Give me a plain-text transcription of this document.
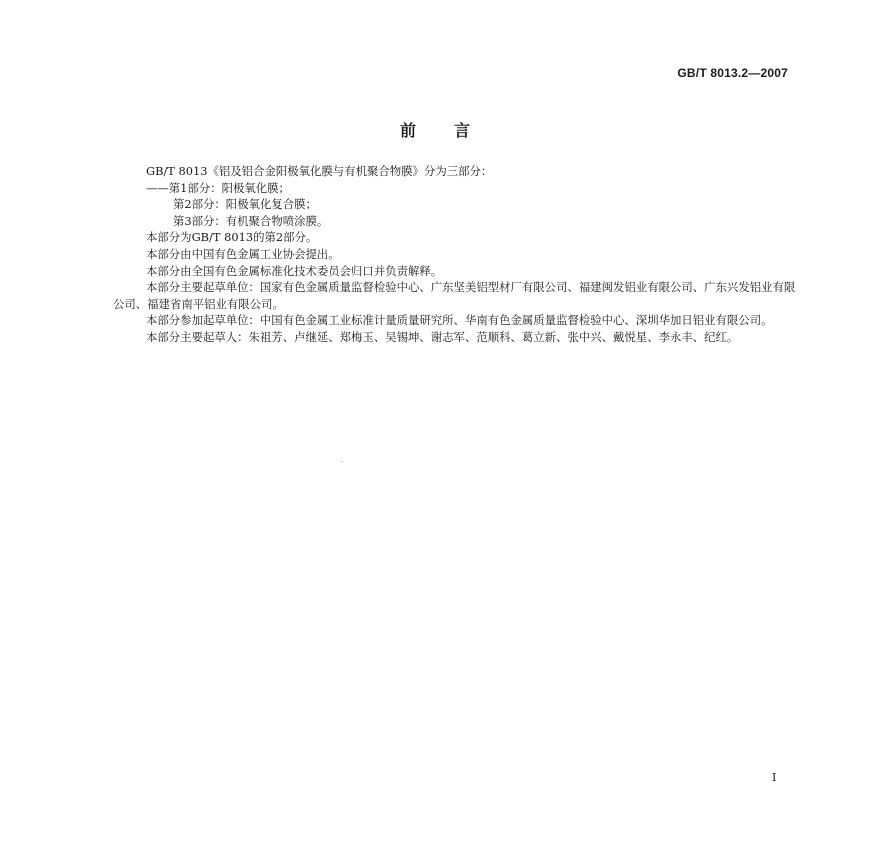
GB/T 8013.2—2007
前言

GB/T 8013《铝及铝合金阳极氧化膜与有机聚合物膜》分为三部分：

——第1部分：阳极氧化膜；

第2部分：阳极氧化复合膜；

第3部分：有机聚合物喷涂膜。

本部分为GB/T 8013的第2部分。

本部分由中国有色金属工业协会提出。

本部分由全国有色金属标准化技术委员会归口并负责解释。

本部分主要起草单位：国家有色金属质量监督检验中心、广东坚美铝型材厂有限公司、福建闽发铝业有限公司、广东兴发铝业有限公司、福建省南平铝业有限公司。

本部分参加起草单位：中国有色金属工业标准计量质量研究所、华南有色金属质量监督检验中心、深圳华加日铝业有限公司。

本部分主要起草人：朱祖芳、卢继延、郑梅玉、吴锡坤、谢志军、范顺科、葛立新、张中兴、戴悦星、李永丰、纪红。

I
